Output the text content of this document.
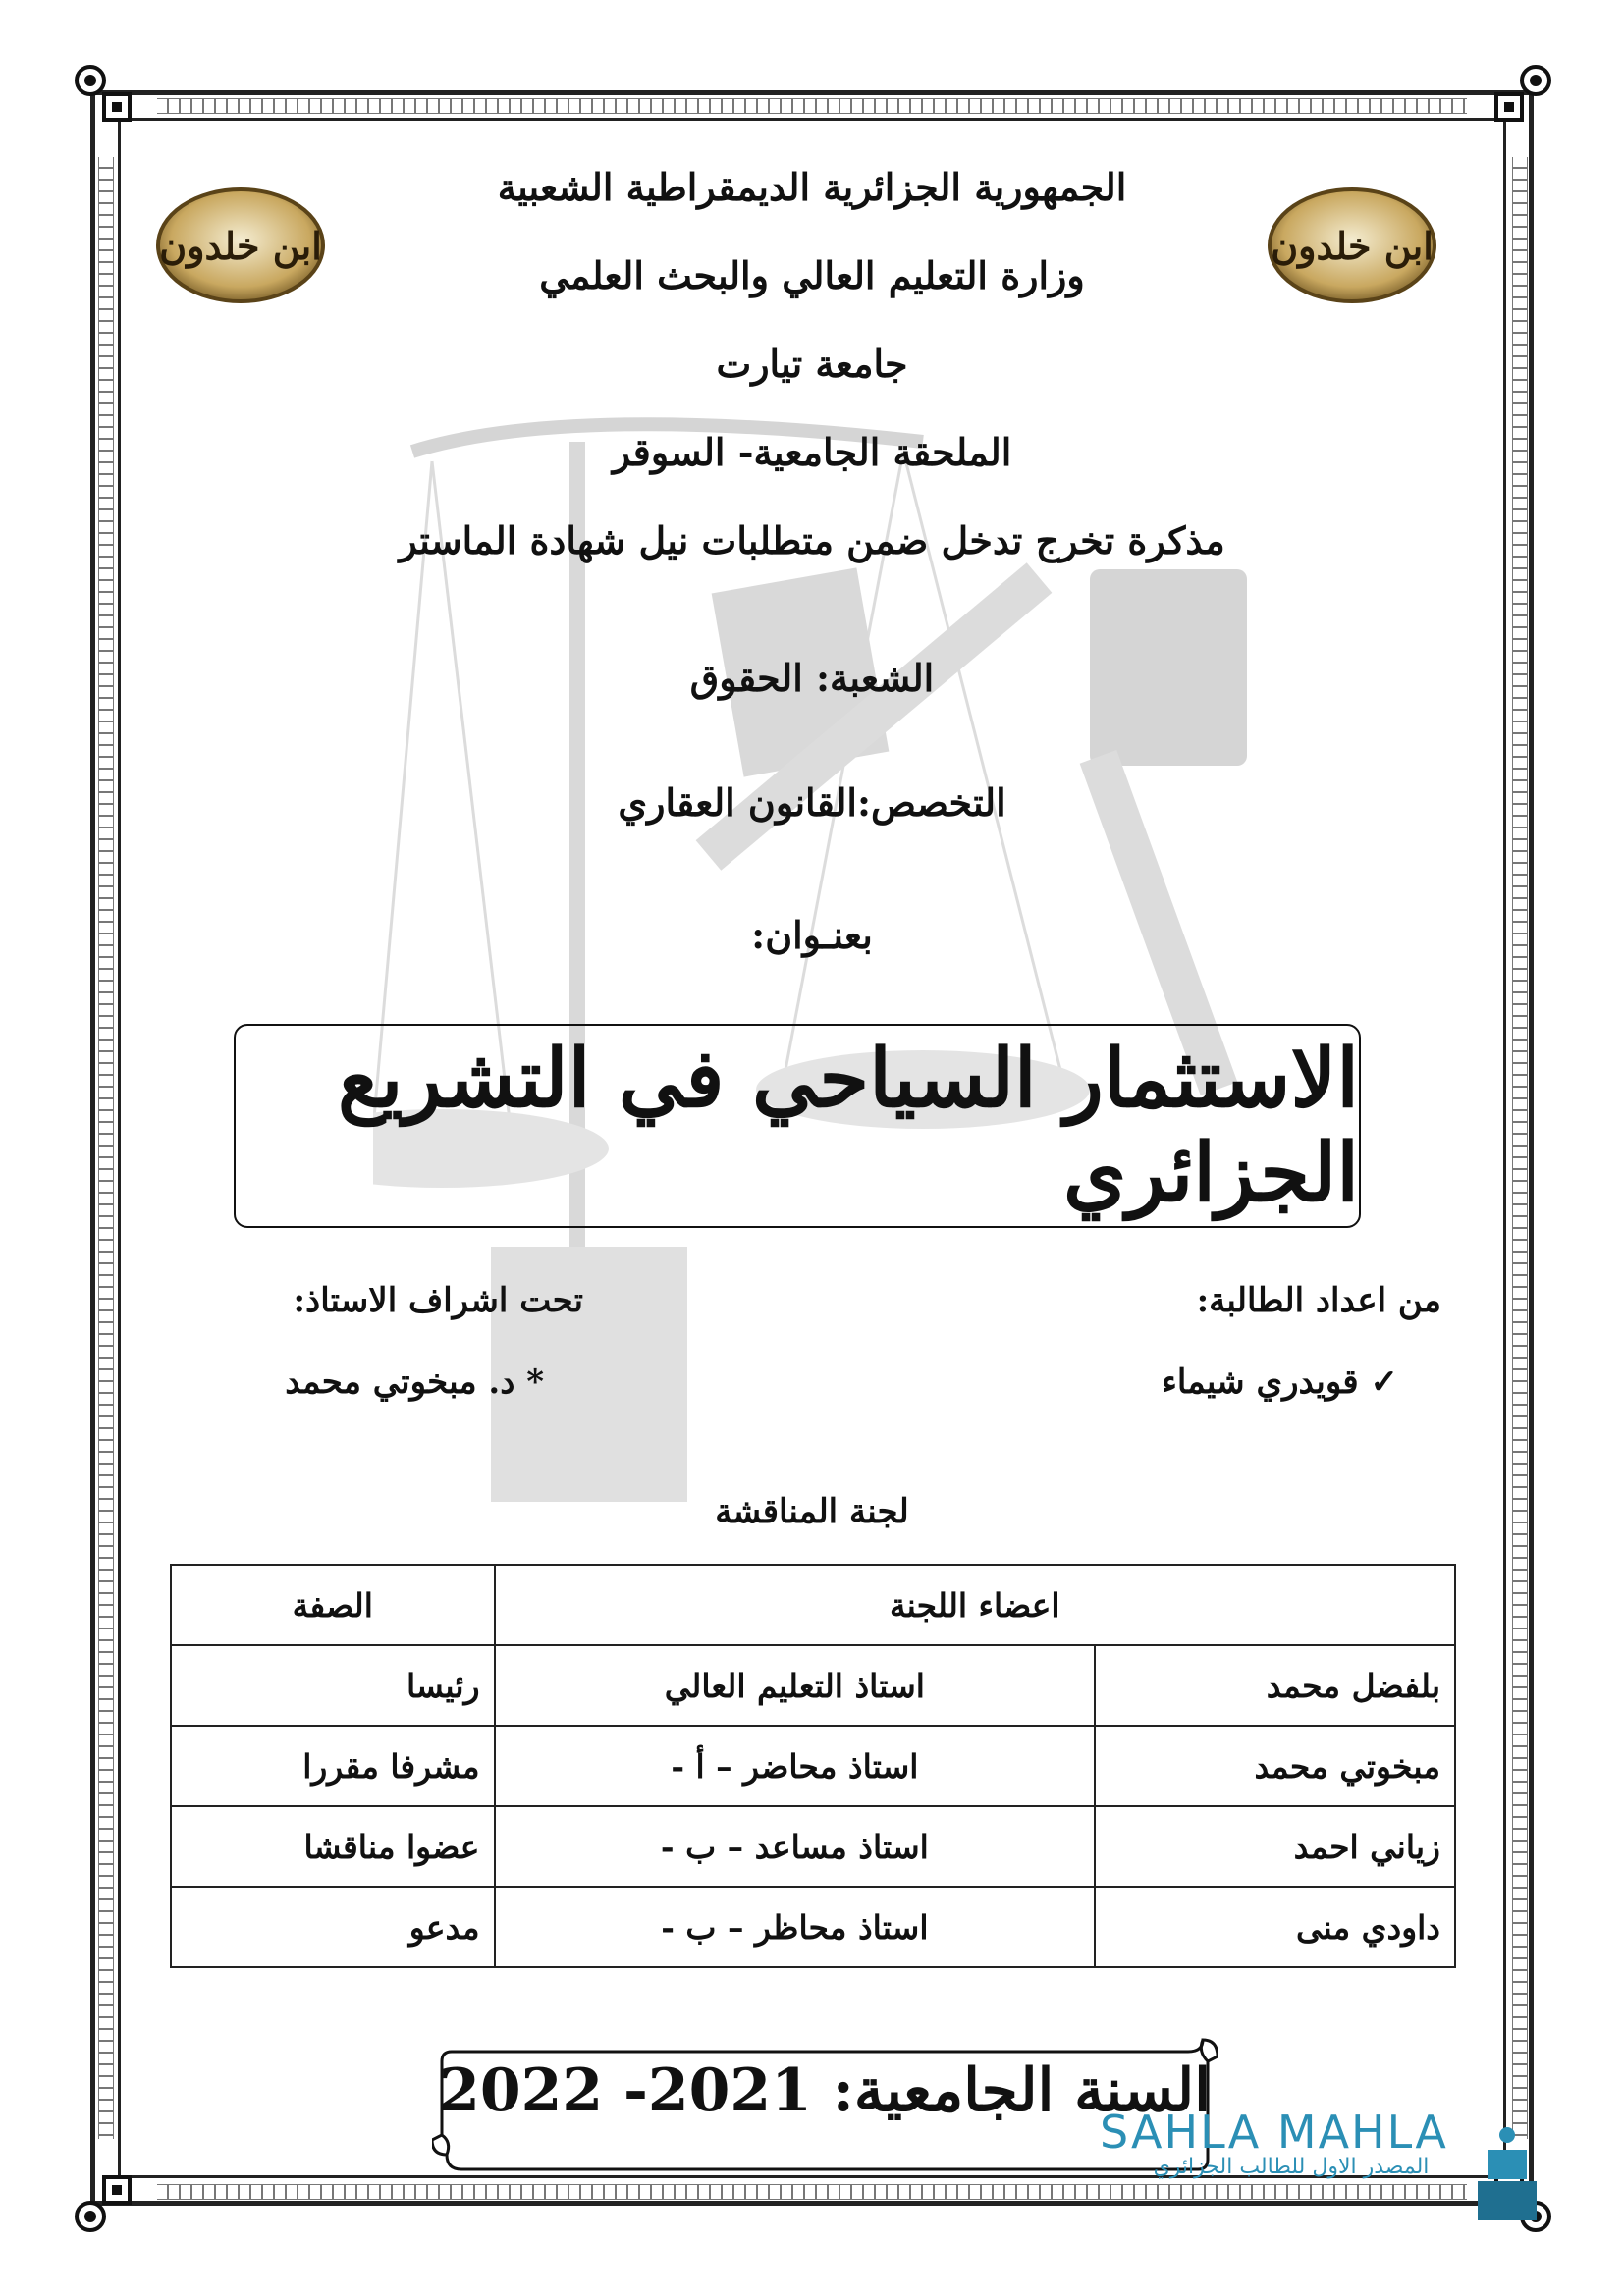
ابن خلدون	ابن خلدون
الجمهورية الجزائرية الديمقراطية الشعبية
وزارة التعليم العالي والبحث العلمي
جامعة تيارت
الملحقة الجامعية- السوقر
مذكرة تخرج تدخل ضمن متطلبات نيل شهادة الماستر
الشعبة: الحقوق
التخصص:القانون العقاري
بعنـوان:
الاستثمار السياحي في التشريع الجزائري
من اعداد الطالبة:
✓ قويدري شيماء
تحت اشراف الاستاذ:
* د. مبخوتي محمد
لجنة المناقشة
اعضاء اللجنة		الصفة
بلفضل محمد	استاذ التعليم العالي	رئيسا
مبخوتي محمد	استاذ محاضر – أ -	مشرفا مقررا
زياني احمد	استاذ مساعد – ب -	عضوا مناقشا
داودي منى	استاذ محاظر – ب -	مدعو
السنة الجامعية: 2021- 2022
SAHLA MAHLA
المصدر الاول للطالب الجزائري
